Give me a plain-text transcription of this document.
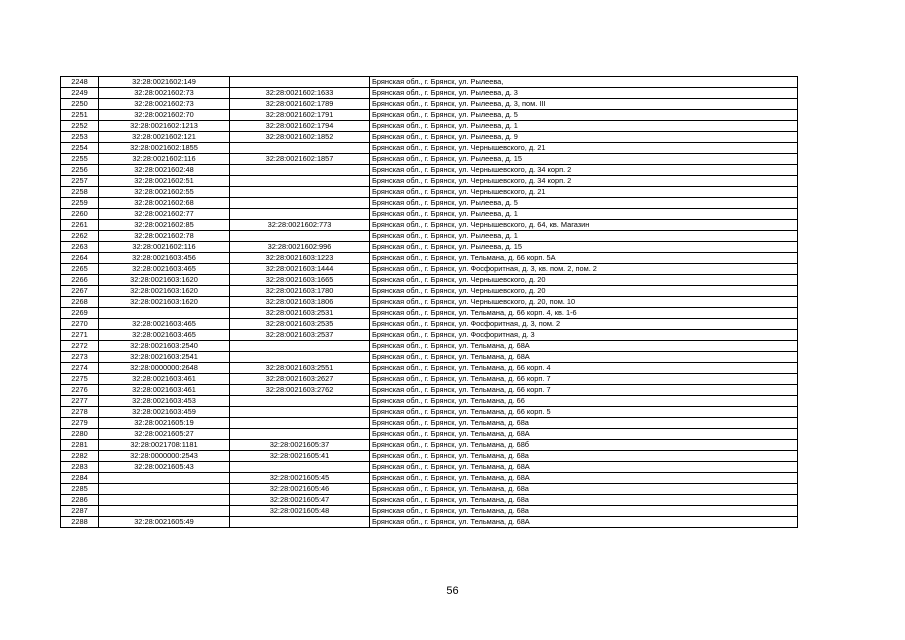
2248	32:28:0021602:149		Брянская обл., г. Брянск, ул. Рылеева,
2249	32:28:0021602:73	32:28:0021602:1633	Брянская обл., г. Брянск, ул. Рылеева, д. 3
2250	32:28:0021602:73	32:28:0021602:1789	Брянская обл., г. Брянск, ул. Рылеева, д. 3, пом. III
2251	32:28:0021602:70	32:28:0021602:1791	Брянская обл., г. Брянск, ул. Рылеева, д. 5
2252	32:28:0021602:1213	32:28:0021602:1794	Брянская обл., г. Брянск, ул. Рылеева, д. 1
2253	32:28:0021602:121	32:28:0021602:1852	Брянская обл., г. Брянск, ул. Рылеева, д. 9
2254	32:28:0021602:1855		Брянская обл., г. Брянск, ул. Чернышевского, д. 21
2255	32:28:0021602:116	32:28:0021602:1857	Брянская обл., г. Брянск, ул. Рылеева, д. 15
2256	32:28:0021602:48		Брянская обл., г. Брянск, ул. Чернышевского, д. 34 корп. 2
2257	32:28:0021602:51		Брянская обл., г. Брянск, ул. Чернышевского, д. 34 корп. 2
2258	32:28:0021602:55		Брянская обл., г. Брянск, ул. Чернышевского, д. 21
2259	32:28:0021602:68		Брянская обл., г. Брянск, ул. Рылеева, д. 5
2260	32:28:0021602:77		Брянская обл., г. Брянск, ул. Рылеева, д. 1
2261	32:28:0021602:85	32:28:0021602:773	Брянская обл., г. Брянск, ул. Чернышевского, д. 64, кв. Магазин
2262	32:28:0021602:78		Брянская обл., г. Брянск, ул. Рылеева, д. 1
2263	32:28:0021602:116	32:28:0021602:996	Брянская обл., г. Брянск, ул. Рылеева, д. 15
2264	32:28:0021603:456	32:28:0021603:1223	Брянская обл., г. Брянск, ул. Тельмана, д. 66 корп. 5А
2265	32:28:0021603:465	32:28:0021603:1444	Брянская обл., г. Брянск, ул. Фосфоритная, д. 3, кв. пом. 2, пом. 2
2266	32:28:0021603:1620	32:28:0021603:1665	Брянская обл., г. Брянск, ул. Чернышевского, д. 20
2267	32:28:0021603:1620	32:28:0021603:1780	Брянская обл., г. Брянск, ул. Чернышевского, д. 20
2268	32:28:0021603:1620	32:28:0021603:1806	Брянская обл., г. Брянск, ул. Чернышевского, д. 20, пом. 10
2269		32:28:0021603:2531	Брянская обл., г. Брянск, ул. Тельмана, д. 66 корп. 4, кв. 1-6
2270	32:28:0021603:465	32:28:0021603:2535	Брянская обл., г. Брянск, ул. Фосфоритная, д. 3, пом. 2
2271	32:28:0021603:465	32:28:0021603:2537	Брянская обл., г. Брянск, ул. Фосфоритная, д. 3
2272	32:28:0021603:2540		Брянская обл., г. Брянск, ул. Тельмана, д. 68А
2273	32:28:0021603:2541		Брянская обл., г. Брянск, ул. Тельмана, д. 68А
2274	32:28:0000000:2648	32:28:0021603:2551	Брянская обл., г. Брянск, ул. Тельмана, д. 66 корп. 4
2275	32:28:0021603:461	32:28:0021603:2627	Брянская обл., г. Брянск, ул. Тельмана, д. 66 корп. 7
2276	32:28:0021603:461	32:28:0021603:2762	Брянская обл., г. Брянск, ул. Тельмана, д. 66 корп. 7
2277	32:28:0021603:453		Брянская обл., г. Брянск, ул. Тельмана, д. 66
2278	32:28:0021603:459		Брянская обл., г. Брянск, ул. Тельмана, д. 66 корп. 5
2279	32:28:0021605:19		Брянская обл., г. Брянск, ул. Тельмана, д. 68а
2280	32:28:0021605:27		Брянская обл., г. Брянск, ул. Тельмана, д. 68А
2281	32:28:0021708:1181	32:28:0021605:37	Брянская обл., г. Брянск, ул. Тельмана, д. 68б
2282	32:28:0000000:2543	32:28:0021605:41	Брянская обл., г. Брянск, ул. Тельмана, д. 68а
2283	32:28:0021605:43		Брянская обл., г. Брянск, ул. Тельмана, д. 68А
2284		32:28:0021605:45	Брянская обл., г. Брянск, ул. Тельмана, д. 68А
2285		32:28:0021605:46	Брянская обл., г. Брянск, ул. Тельмана, д. 68а
2286		32:28:0021605:47	Брянская обл., г. Брянск, ул. Тельмана, д. 68а
2287		32:28:0021605:48	Брянская обл., г. Брянск, ул. Тельмана, д. 68а
2288	32:28:0021605:49		Брянская обл., г. Брянск, ул. Тельмана, д. 68А
56
